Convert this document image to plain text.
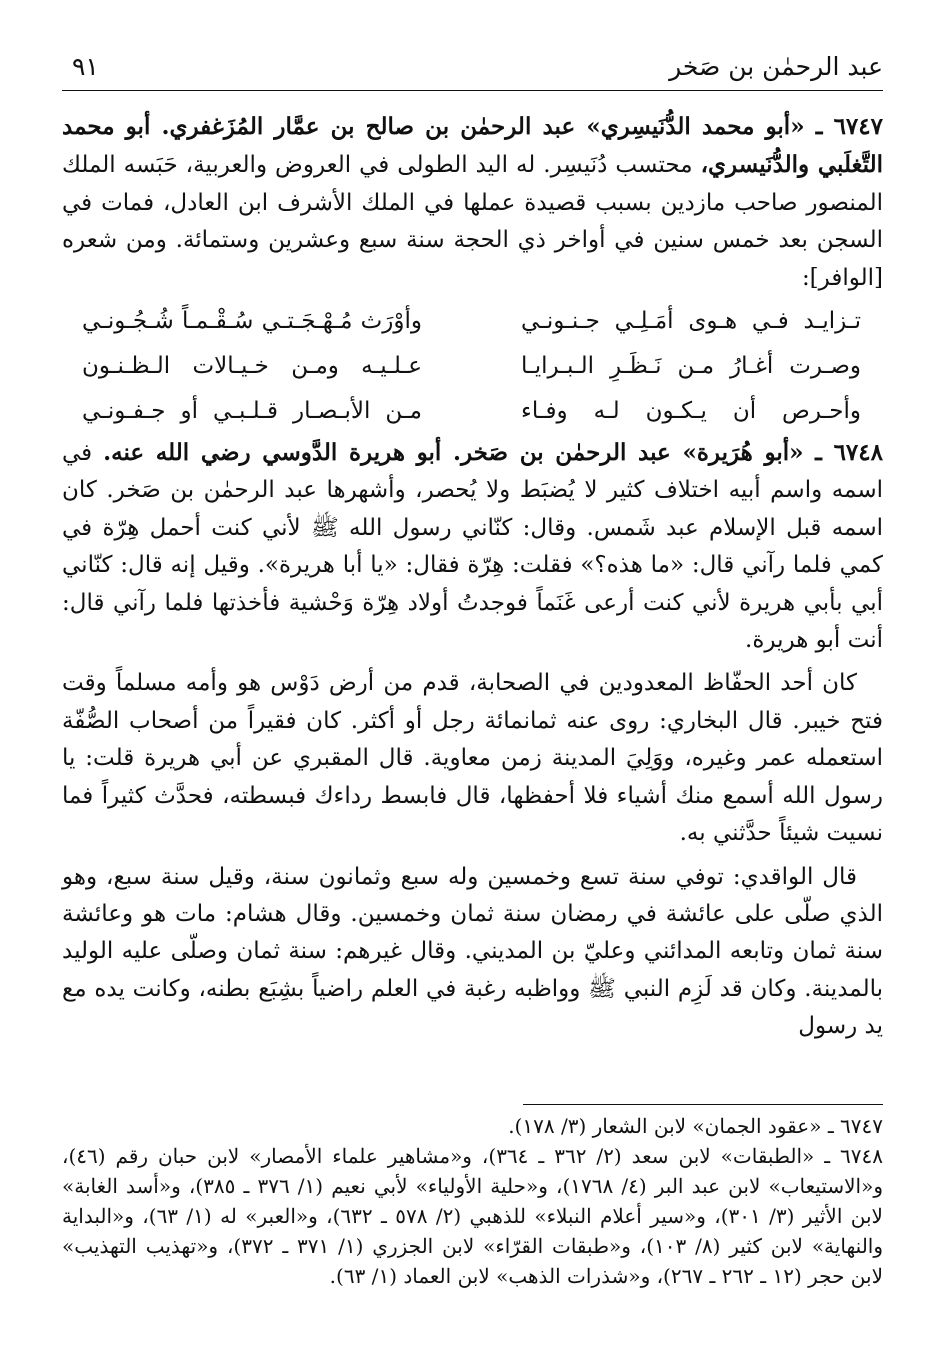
عبد الرحمٰن بن صَخر
٩١

٦٧٤٧ ـ «أبو محمد الدُّنَيسِري» عبد الرحمٰن بن صالح بن عمَّار المُزَغفري. أبو محمد التَّغلَبي والدُّنَيسري، محتسب دُنَيسِر. له اليد الطولى في العروض والعربية، حَبَسه الملك المنصور صاحب مازدين بسبب قصيدة عملها في الملك الأشرف ابن العادل، فمات في السجن بعد خمس سنين في أواخر ذي الحجة سنة سبع وعشرين وستمائة. ومن شعره [الوافر]:

تـزايـد فـي هـوى أمَـلِـي جـنـونـي
وأوْرَث مُـهْـجَـتـي سُـقْـمـاً شُـجُـونـي
وصـرت أغـارُ مـن نَـظَـرِ الـبـرايـا
عـلـيـه ومـن خـيـالات الـظـنـون
وأحـرص أن يـكـون لـه وفـاء
مـن الأبـصـار قـلـبـي أو جـفـونـي

٦٧٤٨ ـ «أبو هُرَيرة» عبد الرحمٰن بن صَخر. أبو هريرة الدَّوسي رضي الله عنه. في اسمه واسم أبيه اختلاف كثير لا يُضبَط ولا يُحصر، وأشهرها عبد الرحمٰن بن صَخر. كان اسمه قبل الإسلام عبد شَمس. وقال: كنّاني رسول الله ﷺ لأني كنت أحمل هِرّة في كمي فلما رآني قال: «ما هذه؟» فقلت: هِرّة فقال: «يا أبا هريرة». وقيل إنه قال: كنّاني أبي بأبي هريرة لأني كنت أرعى غَنَماً فوجدتُ أولاد هِرّة وَحْشية فأخذتها فلما رآني قال: أنت أبو هريرة.

كان أحد الحفّاظ المعدودين في الصحابة، قدم من أرض دَوْس هو وأمه مسلماً وقت فتح خيبر. قال البخاري: روى عنه ثمانمائة رجل أو أكثر. كان فقيراً من أصحاب الصُّفّة استعمله عمر وغيره، ووَلِيَ المدينة زمن معاوية. قال المقبري عن أبي هريرة قلت: يا رسول الله أسمع منك أشياء فلا أحفظها، قال فابسط رداءك فبسطته، فحدَّث كثيراً فما نسيت شيئاً حدَّثني به.

قال الواقدي: توفي سنة تسع وخمسين وله سبع وثمانون سنة، وقيل سنة سبع، وهو الذي صلّى على عائشة في رمضان سنة ثمان وخمسين. وقال هشام: مات هو وعائشة سنة ثمان وتابعه المدائني وعليّ بن المديني. وقال غيرهم: سنة ثمان وصلّى عليه الوليد بالمدينة. وكان قد لَزِم النبي ﷺ وواظبه رغبة في العلم راضياً بشِبَع بطنه، وكانت يده مع يد رسول

٦٧٤٧ ـ «عقود الجمان» لابن الشعار (٣/ ١٧٨).

٦٧٤٨ ـ «الطبقات» لابن سعد (٢/ ٣٦٢ ـ ٣٦٤)، و«مشاهير علماء الأمصار» لابن حبان رقم (٤٦)، و«الاستيعاب» لابن عبد البر (٤/ ١٧٦٨)، و«حلية الأولياء» لأبي نعيم (١/ ٣٧٦ ـ ٣٨٥)، و«أسد الغابة» لابن الأثير (٣/ ٣٠١)، و«سير أعلام النبلاء» للذهبي (٢/ ٥٧٨ ـ ٦٣٢)، و«العبر» له (١/ ٦٣)، و«البداية والنهاية» لابن كثير (٨/ ١٠٣)، و«طبقات القرّاء» لابن الجزري (١/ ٣٧١ ـ ٣٧٢)، و«تهذيب التهذيب» لابن حجر (١٢ ـ ٢٦٢ ـ ٢٦٧)، و«شذرات الذهب» لابن العماد (١/ ٦٣).
